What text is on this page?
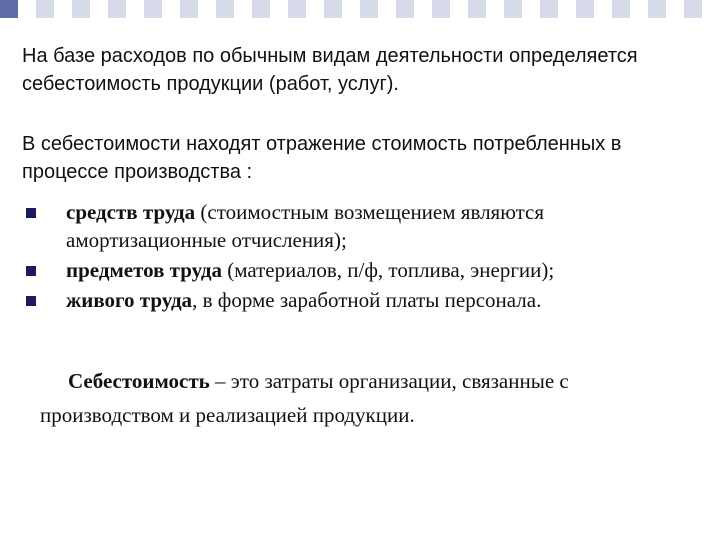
На базе расходов по обычным видам деятельности определяется себестоимость продукции (работ, услуг).
В себестоимости находят отражение стоимость потребленных в процессе производства :
средств труда (стоимостным возмещением являются амортизационные отчисления);
предметов труда (материалов, п/ф, топлива, энергии);
живого труда, в форме заработной платы персонала.
Себестоимость – это затраты организации, связанные с производством и реализацией продукции.
